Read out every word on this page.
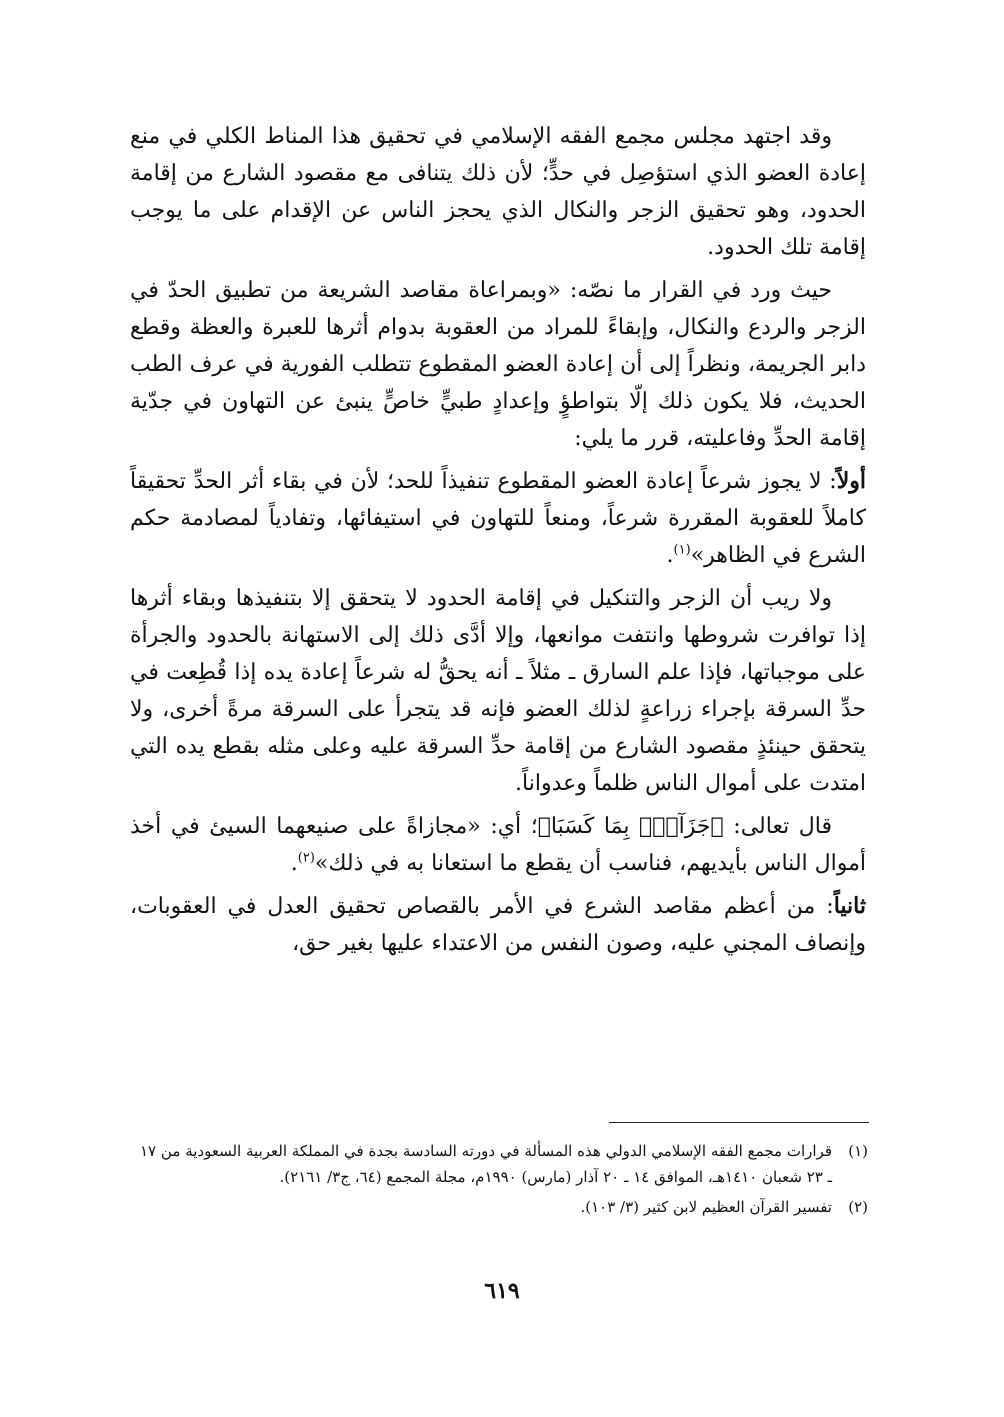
وقد اجتهد مجلس مجمع الفقه الإسلامي في تحقيق هذا المناط الكلي في منع إعادة العضو الذي استؤصِل في حدٍّ؛ لأن ذلك يتنافى مع مقصود الشارع من إقامة الحدود، وهو تحقيق الزجر والنكال الذي يحجز الناس عن الإقدام على ما يوجب إقامة تلك الحدود.

حيث ورد في القرار ما نصّه: «وبمراعاة مقاصد الشريعة من تطبيق الحدّ في الزجر والردع والنكال، وإبقاءً للمراد من العقوبة بدوام أثرها للعبرة والعظة وقطع دابر الجريمة، ونظراً إلى أن إعادة العضو المقطوع تتطلب الفورية في عرف الطب الحديث، فلا يكون ذلك إلّا بتواطؤٍ وإعدادٍ طبيٍّ خاصٍّ ينبئ عن التهاون في جدّية إقامة الحدِّ وفاعليته، قرر ما يلي:

أولاً: لا يجوز شرعاً إعادة العضو المقطوع تنفيذاً للحد؛ لأن في بقاء أثر الحدِّ تحقيقاً كاملاً للعقوبة المقررة شرعاً، ومنعاً للتهاون في استيفائها، وتفادياً لمصادمة حكم الشرع في الظاهر»$^{(١)}$.

ولا ريب أن الزجر والتنكيل في إقامة الحدود لا يتحقق إلا بتنفيذها وبقاء أثرها إذا توافرت شروطها وانتفت موانعها، وإلا أدَّى ذلك إلى الاستهانة بالحدود والجرأة على موجباتها، فإذا علم السارق ـ مثلاً ـ أنه يحقُّ له شرعاً إعادة يده إذا قُطِعت في حدِّ السرقة بإجراء زراعةٍ لذلك العضو فإنه قد يتجرأ على السرقة مرةً أخرى، ولا يتحقق حينئذٍ مقصود الشارع من إقامة حدِّ السرقة عليه وعلى مثله بقطع يده التي امتدت على أموال الناس ظلماً وعدواناً.

قال تعالى: ﴿جَزَآءَۢ بِمَا كَسَبَا﴾؛ أي: «مجازاةً على صنيعهما السيئ في أخذ أموال الناس بأيديهم، فناسب أن يقطع ما استعانا به في ذلك»$^{(٢)}$.

ثانياً: من أعظم مقاصد الشرع في الأمر بالقصاص تحقيق العدل في العقوبات، وإنصاف المجني عليه، وصون النفس من الاعتداء عليها بغير حق،

(١)
قرارات مجمع الفقه الإسلامي الدولي هذه المسألة في دورته السادسة بجدة في المملكة العربية السعودية من ١٧ ـ ٢٣ شعبان ١٤١٠هـ، الموافق ١٤ ـ ٢٠ آذار (مارس) ١٩٩٠م، مجلة المجمع (٦٤، ج٣/ ٢١٦١).
(٢)
تفسير القرآن العظيم لابن كثير (٣/ ١٠٣).
٦١٩
